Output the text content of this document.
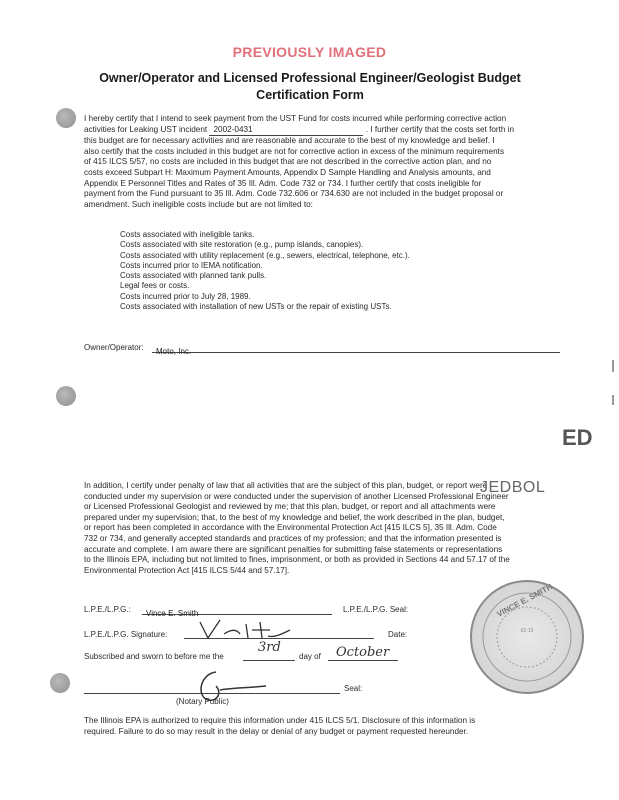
PREVIOUSLY IMAGED
Owner/Operator and Licensed Professional Engineer/Geologist Budget
Certification Form
I hereby certify that I intend to seek payment from the UST Fund for costs incurred while performing corrective action
activities for Leaking UST incident 2002-0431	. I further certify that the costs set forth in
this budget are for necessary activities and are reasonable and accurate to the best of my knowledge and belief. I
also certify that the costs included in this budget are not for corrective action in excess of the minimum requirements
of 415 ILCS 5/57, no costs are included in this budget that are not described in the corrective action plan, and no
costs exceed Subpart H: Maximum Payment Amounts, Appendix D Sample Handling and Analysis amounts, and
Appendix E Personnel Titles and Rates of 35 Ill. Adm. Code 732 or 734. I further certify that costs ineligible for
payment from the Fund pursuant to 35 Ill. Adm. Code 732.606 or 734.630 are not included in the budget proposal or
amendment. Such ineligible costs include but are not limited to:
Costs associated with ineligible tanks.
Costs associated with site restoration (e.g., pump islands, canopies).
Costs associated with utility replacement (e.g., sewers, electrical, telephone, etc.).
Costs incurred prior to IEMA notification.
Costs associated with planned tank pulls.
Legal fees or costs.
Costs incurred prior to July 28, 1989.
Costs associated with installation of new USTs or the repair of existing USTs.
Owner/Operator:	Moto, Inc.
ED
In addition, I certify under penalty of law that all activities that are the subject of this plan, budget, or report were
conducted under my supervision or were conducted under the supervision of another Licensed Professional Engineer
or Licensed Professional Geologist and reviewed by me; that this plan, budget, or report and all attachments were
prepared under my supervision; that, to the best of my knowledge and belief, the work described in the plan, budget,
or report has been completed in accordance with the Environmental Protection Act [415 ILCS 5], 35 Ill. Adm. Code
732 or 734, and generally accepted standards and practices of my profession; and that the information presented is
accurate and complete. I am aware there are significant penalties for submitting false statements or representations
to the Illinois EPA, including but not limited to fines, imprisonment, or both as provided in Sections 44 and 57.17 of the
Environmental Protection Act [415 ILCS 5/44 and 57.17].
JEDBOL
VINCE E. SMITH
62-13
L.P.E./L.P.G.:	Vince E. Smith	L.P.E./L.P.G. Seal:
L.P.E./L.P.G. Signature:	Date:
Subscribed and sworn to before me the
3rd
day of October
Seal:
(Notary Public)
The Illinois EPA is authorized to require this information under 415 ILCS 5/1. Disclosure of this information is
required. Failure to do so may result in the delay or denial of any budget or payment requested hereunder.
